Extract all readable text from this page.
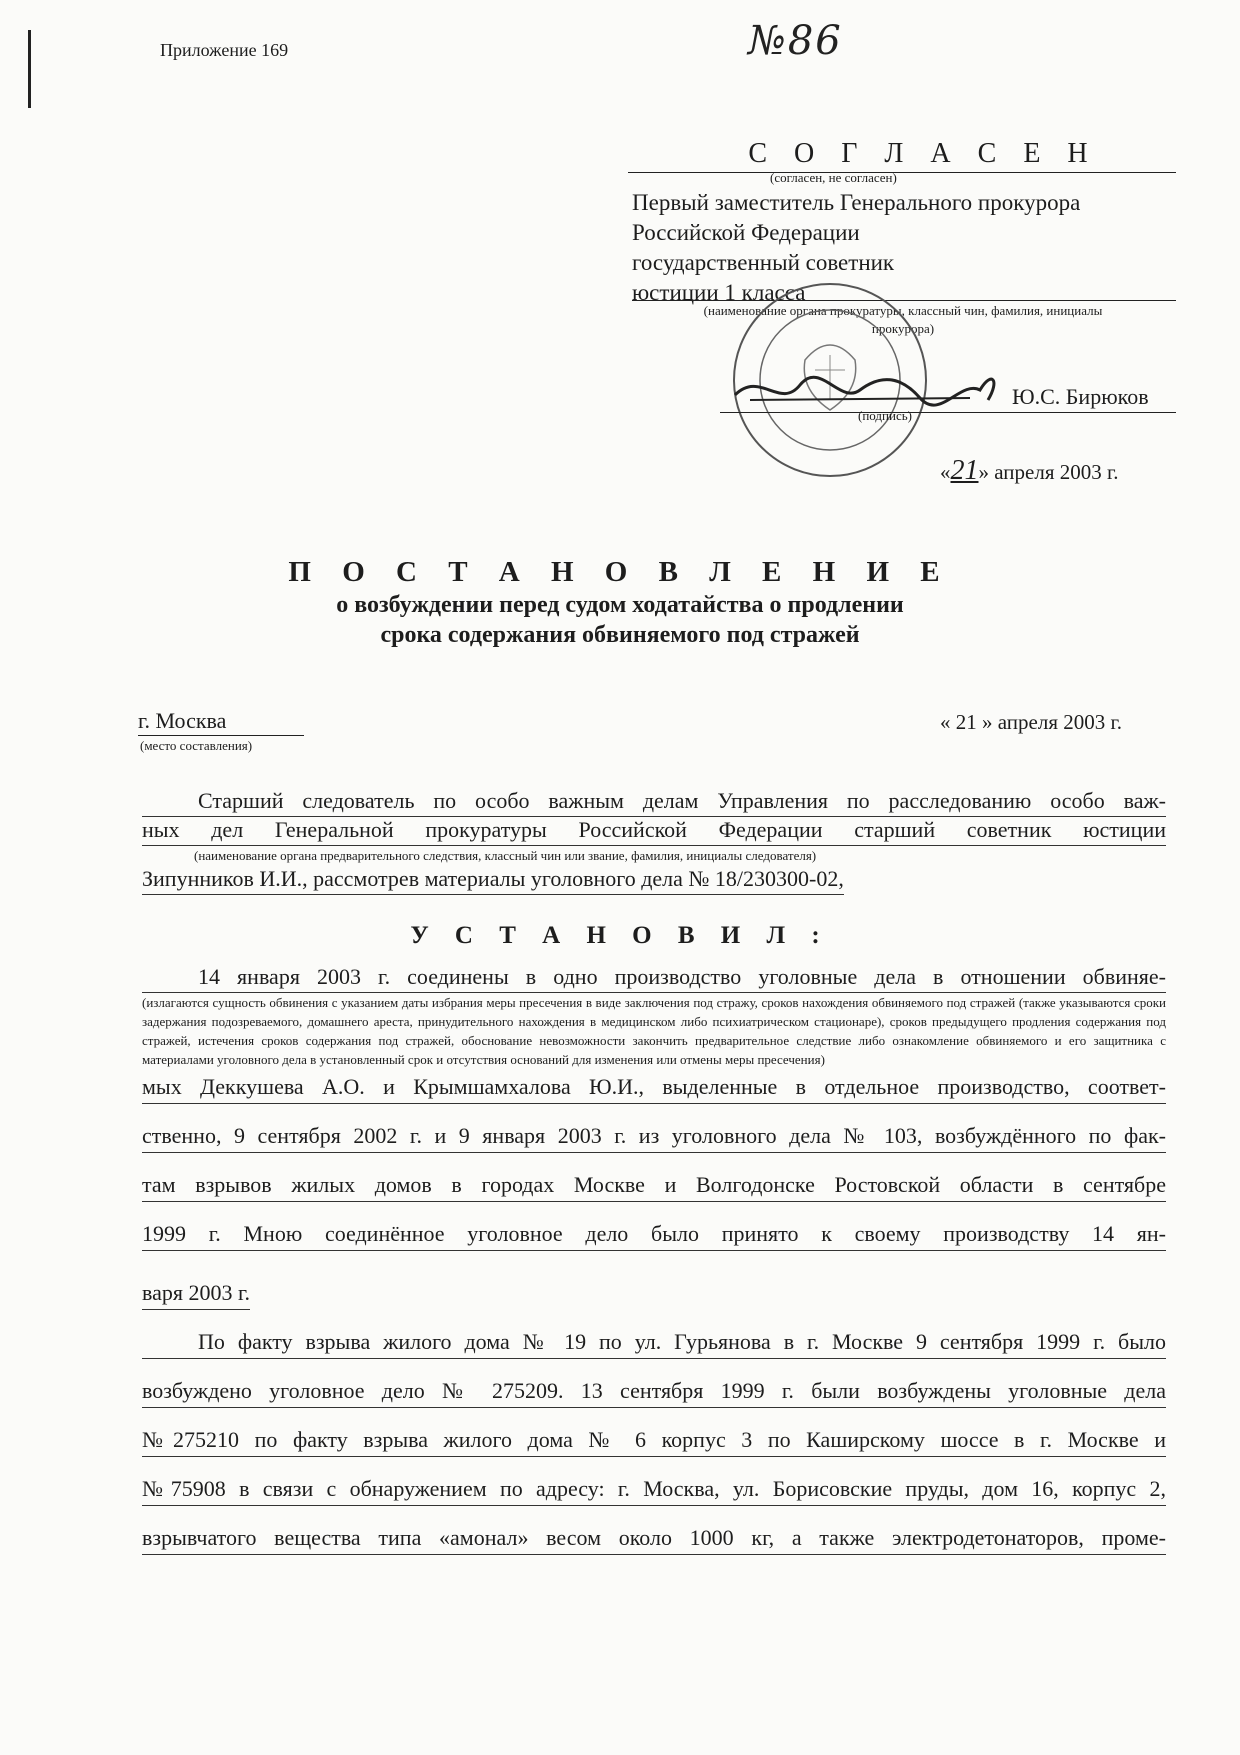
Приложение 169	№86
С О Г Л А С Е Н
(согласен, не согласен)
Первый заместитель Генерального прокурора
Российской Федерации
государственный советник
юстиции 1 класса
(наименование органа прокуратуры, классный чин, фамилия, инициалы прокурора)
Ю.С. Бирюков
(подпись)
«21» апреля 2003 г.
П О С Т А Н О В Л Е Н И Е
о возбуждении перед судом ходатайства о продлении
срока содержания обвиняемого под стражей
г. Москва
(место составления)
« 21 » апреля 2003 г.
Старший следователь по особо важным делам Управления по расследованию особо важ-
ных дел Генеральной прокуратуры Российской Федерации старший советник юстиции
(наименование органа предварительного следствия, классный чин или звание, фамилия, инициалы следователя)
Зипунников И.И., рассмотрев материалы уголовного дела № 18/230300-02,
У С Т А Н О В И Л :
14 января 2003 г. соединены в одно производство уголовные дела в отношении обвиняе-
(излагаются сущность обвинения с указанием даты избрания меры пресечения в виде заключения под стражу, сроков нахождения обвиняемого под стражей (также указываются сроки задержания подозреваемого, домашнего ареста, принудительного нахождения в медицинском либо психиатрическом стационаре), сроков предыдущего продления содержания под стражей, истечения сроков содержания под стражей, обоснование невозможности закончить предварительное следствие либо ознакомление обвиняемого и его защитника с материалами уголовного дела в установленный срок и отсутствия оснований для изменения или отмены меры пресечения)
мых Деккушева А.О. и Крымшамхалова Ю.И., выделенные в отдельное производство, соответ-
ственно, 9 сентября 2002 г. и 9 января 2003 г. из уголовного дела № 103, возбуждённого по фак-
там взрывов жилых домов в городах Москве и Волгодонске Ростовской области в сентябре
1999 г. Мною соединённое уголовное дело было принято к своему производству 14 ян-
варя 2003 г.
По факту взрыва жилого дома № 19 по ул. Гурьянова в г. Москве 9 сентября 1999 г. было
возбуждено уголовное дело № 275209. 13 сентября 1999 г. были возбуждены уголовные дела
№275210 по факту взрыва жилого дома № 6 корпус 3 по Каширскому шоссе в г. Москве и
№75908 в связи с обнаружением по адресу: г. Москва, ул. Борисовские пруды, дом 16, корпус 2,
взрывчатого вещества типа «амонал» весом около 1000 кг, а также электродетонаторов, проме-
